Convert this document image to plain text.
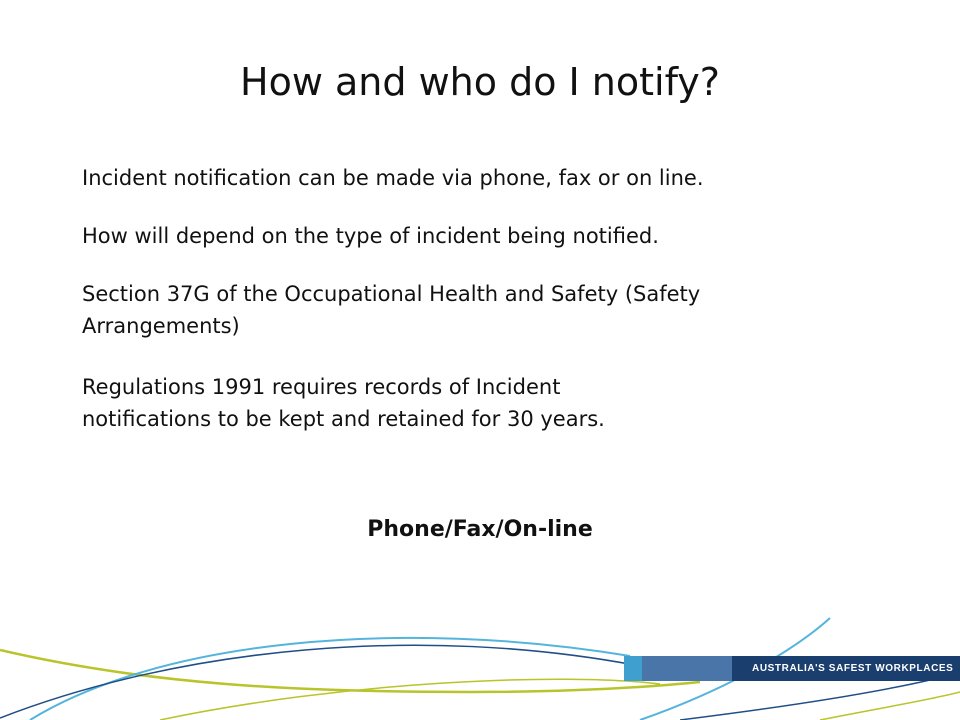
How and who do I notify?

Incident notification can be made via phone, fax or on line.

How will depend on the type of incident being notified.

Section 37G of the Occupational Health and Safety (Safety

Arrangements)

Regulations 1991 requires records of Incident

notifications to be kept and retained for 30 years.

Phone/Fax/On-line
AUSTRALIA'S SAFEST WORKPLACES
